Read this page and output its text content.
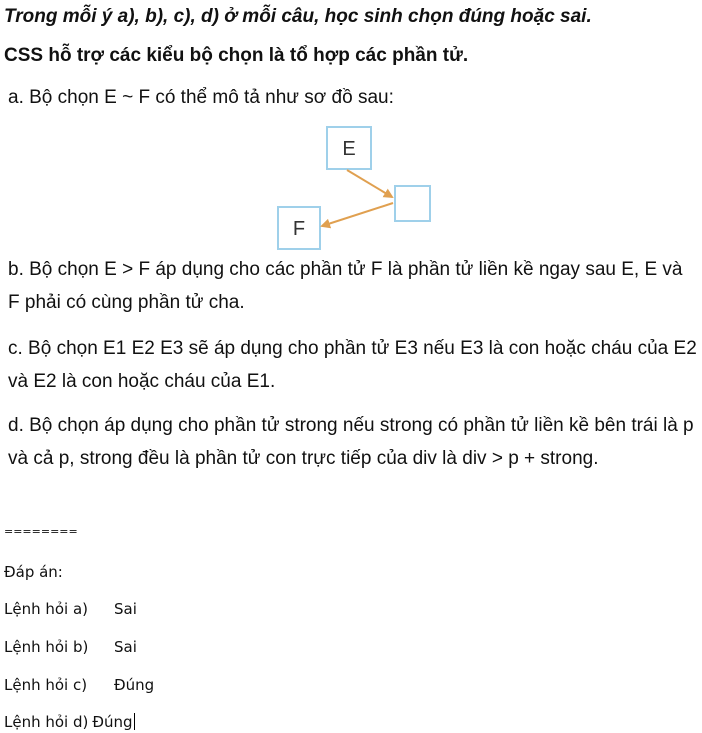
Trong mỗi ý a), b), c), d) ở mỗi câu, học sinh chọn đúng hoặc sai.
CSS hỗ trợ các kiểu bộ chọn là tổ hợp các phần tử.
a. Bộ chọn E ~ F có thể mô tả như sơ đồ sau:
E
F
b. Bộ chọn E > F áp dụng cho các phần tử F là phần tử liền kề ngay sau E, E và F phải có cùng phần tử cha.
c. Bộ chọn E1 E2 E3 sẽ áp dụng cho phần tử E3 nếu E3 là con hoặc cháu của E2 và E2 là con hoặc cháu của E1.
d. Bộ chọn áp dụng cho phần tử strong nếu strong có phần tử liền kề bên trái là p và cả p, strong đều là phần tử con trực tiếp của div là div > p + strong.
========
Đáp án:
Lệnh hỏi a) Sai
Lệnh hỏi b) Sai
Lệnh hỏi c) Đúng
Lệnh hỏi d) Đúng
